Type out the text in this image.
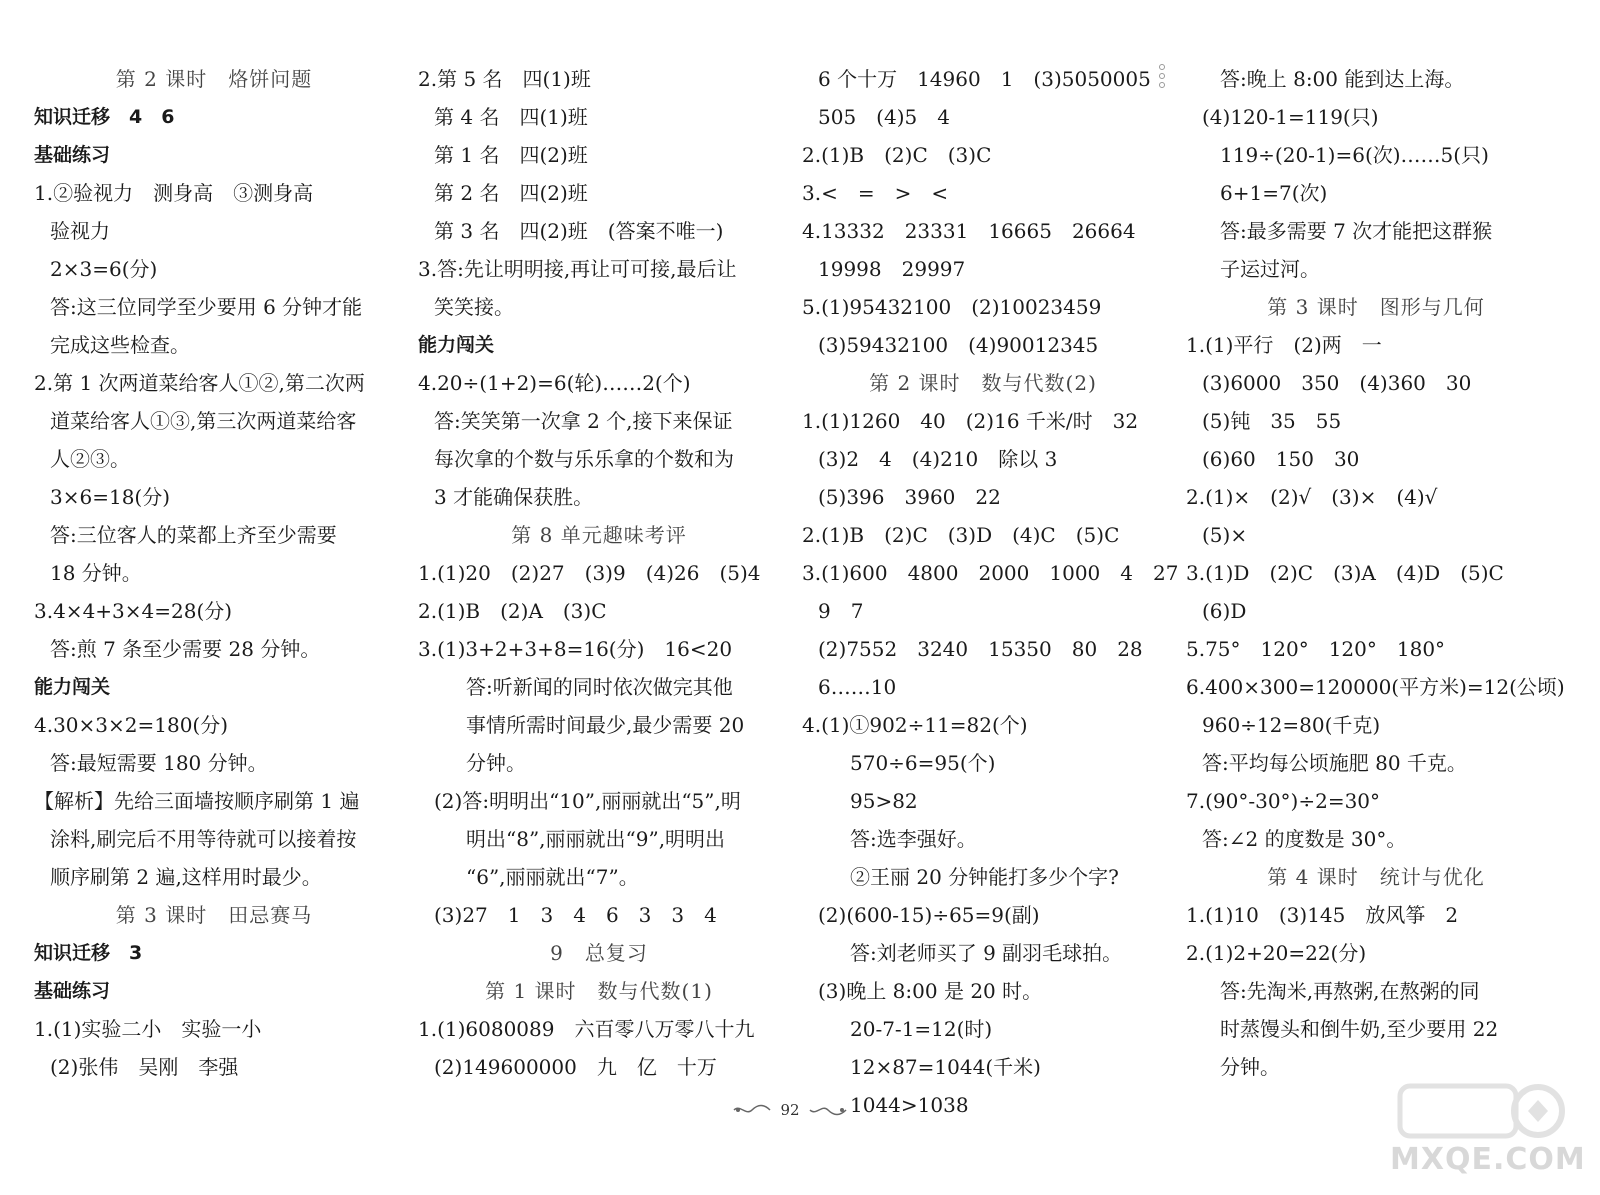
第 2 课时　烙饼问题
知识迁移　4　6
基础练习
1.②验视力　测身高　③测身高
验视力
2×3=6(分)
答:这三位同学至少要用 6 分钟才能
完成这些检查。
2.第 1 次两道菜给客人①②,第二次两
道菜给客人①③,第三次两道菜给客
人②③。
3×6=18(分)
答:三位客人的菜都上齐至少需要
18 分钟。
3.4×4+3×4=28(分)
答:煎 7 条至少需要 28 分钟。
能力闯关
4.30×3×2=180(分)
答:最短需要 180 分钟。
【解析】先给三面墙按顺序刷第 1 遍
涂料,刷完后不用等待就可以接着按
顺序刷第 2 遍,这样用时最少。
第 3 课时　田忌赛马
知识迁移　3
基础练习
1.(1)实验二小　实验一小
(2)张伟　吴刚　李强
2.第 5 名　四(1)班
第 4 名　四(1)班
第 1 名　四(2)班
第 2 名　四(2)班
第 3 名　四(2)班　(答案不唯一)
3.答:先让明明接,再让可可接,最后让
笑笑接。
能力闯关
4.20÷(1+2)=6(轮)……2(个)
答:笑笑第一次拿 2 个,接下来保证
每次拿的个数与乐乐拿的个数和为
3 才能确保获胜。
第 8 单元趣味考评
1.(1)20　(2)27　(3)9　(4)26　(5)4
2.(1)B　(2)A　(3)C
3.(1)3+2+3+8=16(分)　16<20
答:听新闻的同时依次做完其他
事情所需时间最少,最少需要 20
分钟。
(2)答:明明出“10”,丽丽就出“5”,明
明出“8”,丽丽就出“9”,明明出
“6”,丽丽就出“7”。
(3)27　1　3　4　6　3　3　4
9　总复习
第 1 课时　数与代数(1)
1.(1)6080089　六百零八万零八十九
(2)149600000　九　亿　十万
6 个十万　14960　1　(3)5050005
505　(4)5　4
2.(1)B　(2)C　(3)C
3.<　=　>　<
4.13332　23331　16665　26664
19998　29997
5.(1)95432100　(2)10023459
(3)59432100　(4)90012345
第 2 课时　数与代数(2)
1.(1)1260　40　(2)16 千米/时　32
(3)2　4　(4)210　除以 3
(5)396　3960　22
2.(1)B　(2)C　(3)D　(4)C　(5)C
3.(1)600　4800　2000　1000　4　27
9　7
(2)7552　3240　15350　80　28
6……10
4.(1)①902÷11=82(个)
570÷6=95(个)
95>82
答:选李强好。
②王丽 20 分钟能打多少个字?
(2)(600-15)÷65=9(副)
答:刘老师买了 9 副羽毛球拍。
(3)晚上 8:00 是 20 时。
20-7-1=12(时)
12×87=1044(千米)
1044>1038
答:晚上 8:00 能到达上海。
(4)120-1=119(只)
119÷(20-1)=6(次)……5(只)
6+1=7(次)
答:最多需要 7 次才能把这群猴
子运过河。
第 3 课时　图形与几何
1.(1)平行　(2)两　一
(3)6000　350　(4)360　30
(5)钝　35　55
(6)60　150　30
2.(1)×　(2)√　(3)×　(4)√
(5)×
3.(1)D　(2)C　(3)A　(4)D　(5)C
(6)D
5.75°　120°　120°　180°
6.400×300=120000(平方米)=12(公顷)
960÷12=80(千克)
答:平均每公顷施肥 80 千克。
7.(90°-30°)÷2=30°
答:∠2 的度数是 30°。
第 4 课时　统计与优化
1.(1)10　(3)145　放风筝　2
2.(1)2+20=22(分)
答:先淘米,再熬粥,在熬粥的同
时蒸馒头和倒牛奶,至少要用 22
分钟。
92
MXQE.COM
